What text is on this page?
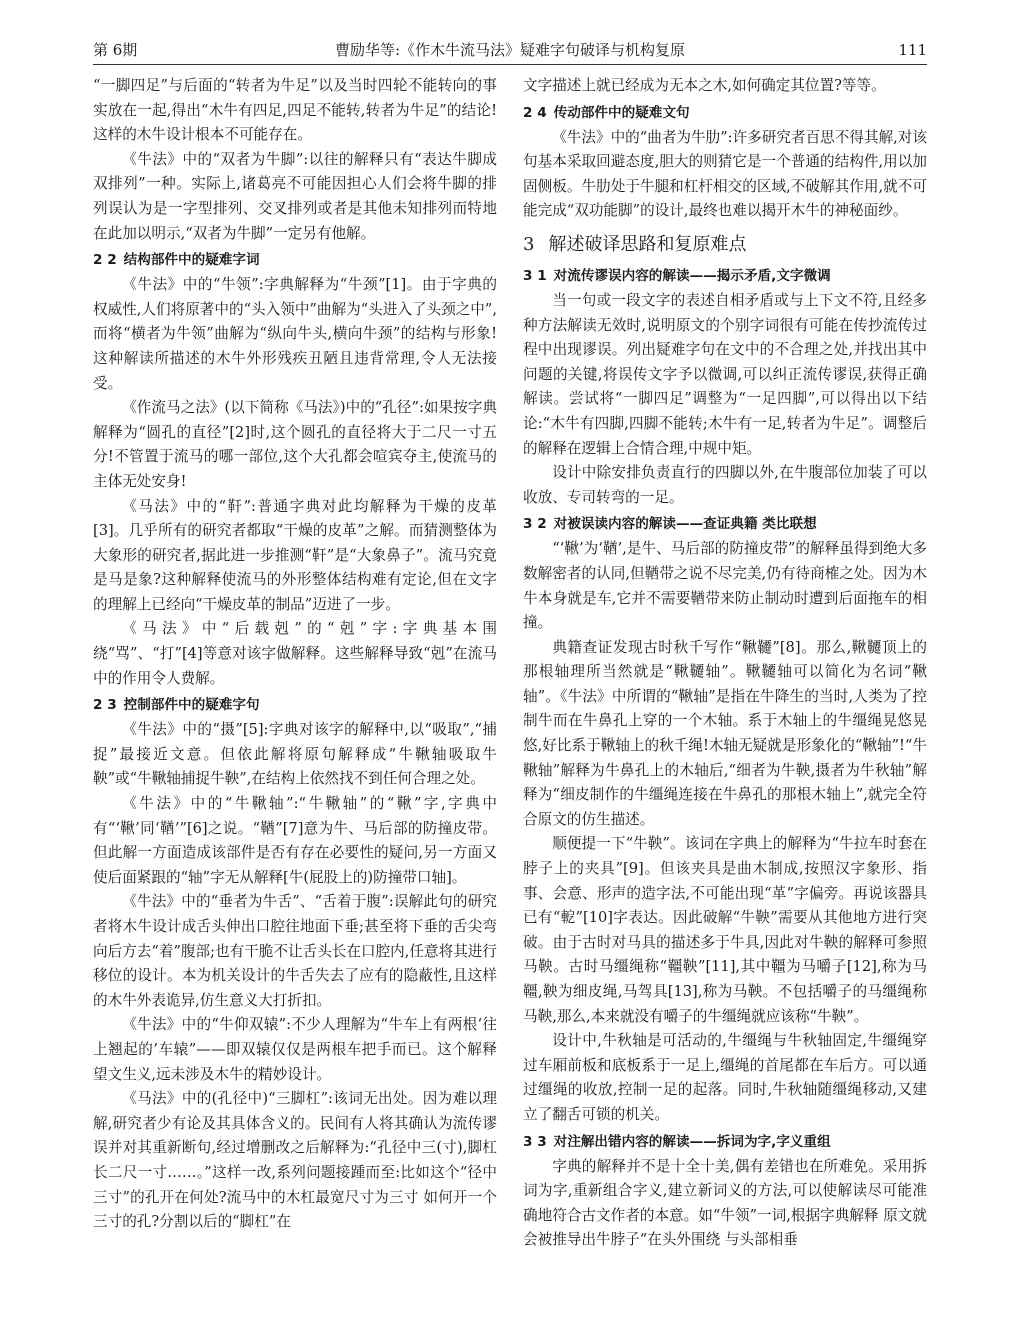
第 6期	曹励华等:《作木牛流马法》疑难字句破译与机构复原	111

“一脚四足”与后面的“转者为牛足”以及当时四轮不能转向的事实放在一起,得出“木牛有四足,四足不能转,转者为牛足”的结论!这样的木牛设计根本不可能存在。

《牛法》中的“双者为牛脚”:以往的解释只有“表达牛脚成双排列”一种。实际上,诸葛亮不可能因担心人们会将牛脚的排列误认为是一字型排列、交叉排列或者是其他未知排列而特地在此加以明示,“双者为牛脚”一定另有他解。

2 2 结构部件中的疑难字词

《牛法》中的“牛领”:字典解释为“牛颈”[1]。由于字典的权威性,人们将原著中的“头入领中”曲解为“头进入了头颈之中”,而将“横者为牛领”曲解为“纵向牛头,横向牛颈”的结构与形象!这种解读所描述的木牛外形残疾丑陋且违背常理,令人无法接受。

《作流马之法》(以下简称《马法》)中的“孔径”:如果按字典解释为“圆孔的直径”[2]时,这个圆孔的直径将大于二尺一寸五分!不管置于流马的哪一部位,这个大孔都会喧宾夺主,使流马的主体无处安身!

《马法》中的“靬”:普通字典对此均解释为干燥的皮革[3]。几乎所有的研究者都取“干燥的皮革”之解。而猜测整体为大象形的研究者,据此进一步推测“靬”是“大象鼻子”。流马究竟是马是象?这种解释使流马的外形整体结构难有定论,但在文字的理解上已经向“干燥皮革的制品”迈进了一步。

《马法》中“后载剋”的“剋”字:字典基本围绕“骂”、“打”[4]等意对该字做解释。这些解释导致“剋”在流马中的作用令人费解。

2 3 控制部件中的疑难字句

《牛法》中的“摄”[5]:字典对该字的解释中,以“吸取”,“捕捉”最接近文意。但依此解将原句解释成“牛鞦轴吸取牛鞅”或“牛鞦轴捕捉牛鞅”,在结构上依然找不到任何合理之处。

《牛法》中的“牛鞦轴”:“牛鞦轴”的“鞦”字,字典中有“‘鞦’同‘鞧’”[6]之说。“鞧”[7]意为牛、马后部的防撞皮带。但此解一方面造成该部件是否有存在必要性的疑问,另一方面又使后面紧跟的“轴”字无从解释[牛(屁股上的)防撞带口轴]。

《牛法》中的“垂者为牛舌”、“舌着于腹”:误解此句的研究者将木牛设计成舌头伸出口腔往地面下垂;甚至将下垂的舌尖弯向后方去“着”腹部;也有干脆不让舌头长在口腔内,任意将其进行移位的设计。本为机关设计的牛舌失去了应有的隐蔽性,且这样的木牛外表诡异,仿生意义大打折扣。

《牛法》中的“牛仰双辕”:不少人理解为“牛车上有两根‘往上翘起的’车辕”——即双辕仅仅是两根车把手而已。这个解释望文生义,远未涉及木牛的精妙设计。

《马法》中的(孔径中)“三脚杠”:该词无出处。因为难以理解,研究者少有论及其具体含义的。民间有人将其确认为流传谬误并对其重新断句,经过增删改之后解释为:“孔径中三(寸),脚杠长二尺一寸……。”这样一改,系列问题接踵而至:比如这个“径中三寸”的孔开在何处?流马中的木杠最宽尺寸为三寸 如何开一个三寸的孔?分割以后的“脚杠”在

文字描述上就已经成为无本之木,如何确定其位置?等等。

2 4 传动部件中的疑难文句

《牛法》中的“曲者为牛肋”:许多研究者百思不得其解,对该句基本采取回避态度,胆大的则猜它是一个普通的结构件,用以加固侧板。牛肋处于牛腿和杠杆相交的区域,不破解其作用,就不可能完成“双功能脚”的设计,最终也难以揭开木牛的神秘面纱。

3 解述破译思路和复原难点
3 1 对流传谬误内容的解读——揭示矛盾,文字微调

当一句或一段文字的表述自相矛盾或与上下文不符,且经多种方法解读无效时,说明原文的个别字词很有可能在传抄流传过程中出现谬误。列出疑难字句在文中的不合理之处,并找出其中问题的关键,将误传文字予以微调,可以纠正流传谬误,获得正确解读。尝试将“一脚四足”调整为“一足四脚”,可以得出以下结论:“木牛有四脚,四脚不能转;木牛有一足,转者为牛足”。调整后的解释在逻辑上合情合理,中规中矩。

设计中除安排负责直行的四脚以外,在牛腹部位加装了可以收放、专司转弯的一足。

3 2 对被误读内容的解读——查证典籍 类比联想

“‘鞦’为‘鞧’,是牛、马后部的防撞皮带”的解释虽得到绝大多数解密者的认同,但鞧带之说不尽完美,仍有待商榷之处。因为木牛本身就是车,它并不需要鞧带来防止制动时遭到后面拖车的相撞。

典籍查证发现古时秋千写作“鞦韆”[8]。那么,鞦韆顶上的那根轴理所当然就是“鞦韆轴”。鞦韆轴可以简化为名词“鞦轴”。《牛法》中所谓的“鞦轴”是指在牛降生的当时,人类为了控制牛而在牛鼻孔上穿的一个木轴。系于木轴上的牛缰绳晃悠晃悠,好比系于鞦轴上的秋千绳!木轴无疑就是形象化的“鞦轴”!“牛鞦轴”解释为牛鼻孔上的木轴后,“细者为牛鞅,摄者为牛秋轴”解释为“细皮制作的牛缰绳连接在牛鼻孔的那根木轴上”,就完全符合原文的仿生描述。

顺便提一下“牛鞅”。该词在字典上的解释为“牛拉车时套在脖子上的夹具”[9]。但该夹具是曲木制成,按照汉字象形、指事、会意、形声的造字法,不可能出现“革”字偏旁。再说该器具已有“軶”[10]字表达。因此破解“牛鞅”需要从其他地方进行突破。由于古时对马具的描述多于牛具,因此对牛鞅的解释可参照马鞅。古时马缰绳称“韁鞅”[11],其中韁为马嚼子[12],称为马韁,鞅为细皮绳,马驾具[13],称为马鞅。不包括嚼子的马缰绳称马鞅,那么,本来就没有嚼子的牛缰绳就应该称“牛鞅”。

设计中,牛秋轴是可活动的,牛缰绳与牛秋轴固定,牛缰绳穿过车厢前板和底板系于一足上,缰绳的首尾都在车后方。可以通过缰绳的收放,控制一足的起落。同时,牛秋轴随缰绳移动,又建立了翻舌可锁的机关。

3 3 对注解出错内容的解读——拆词为字,字义重组

字典的解释并不是十全十美,偶有差错也在所难免。采用拆词为字,重新组合字义,建立新词义的方法,可以使解读尽可能准确地符合古文作者的本意。如“牛领”一词,根据字典解释 原文就会被推导出牛脖子“在头外围绕 与头部相垂
